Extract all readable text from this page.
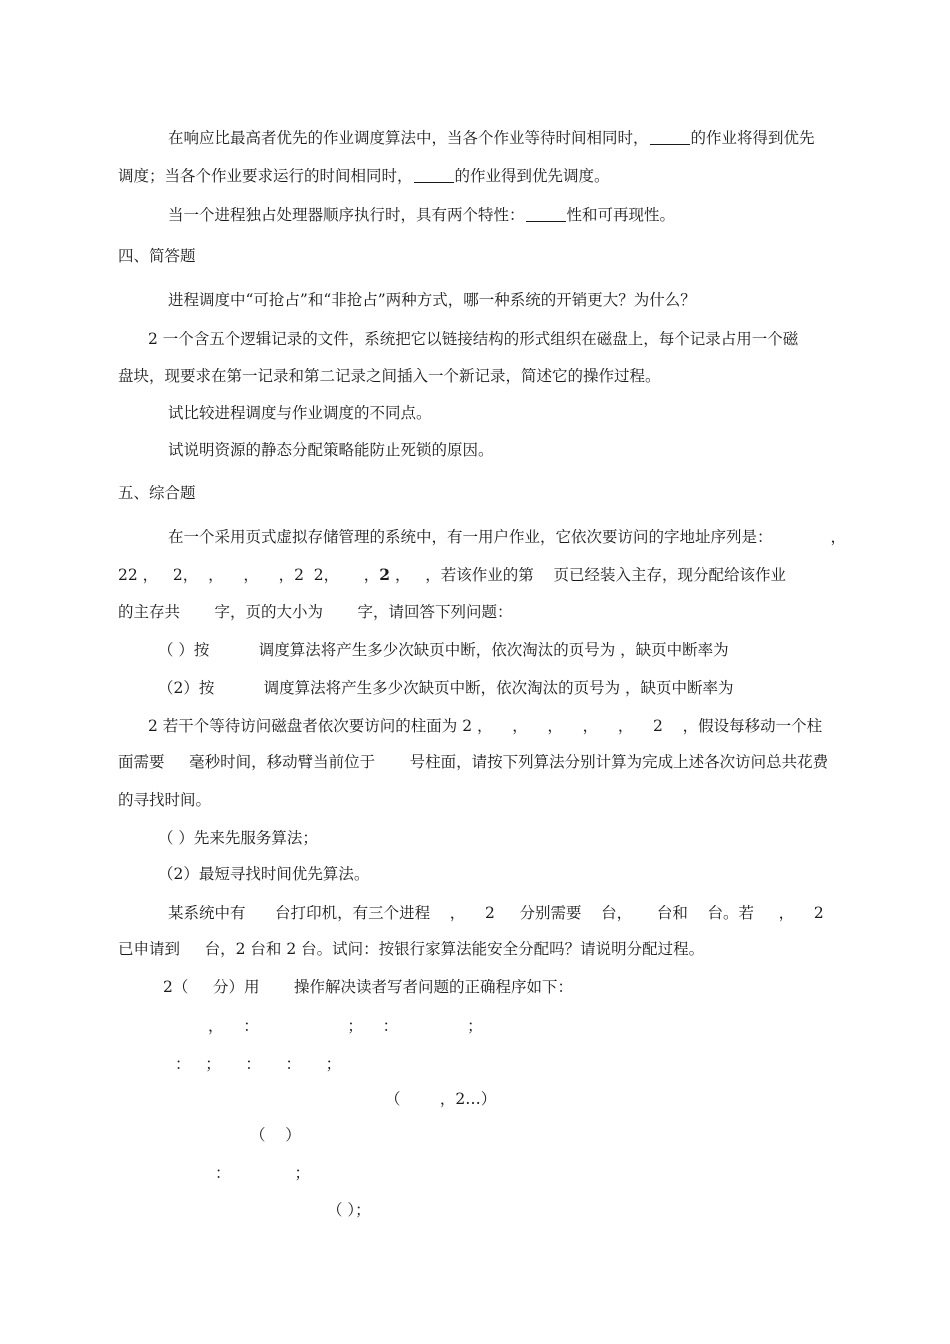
在响应比最高者优先的作业调度算法中，当各个作业等待时间相同时，	的作业将得到优先
调度；当各个作业要求运行的时间相同时，	的作业得到优先调度。
当一个进程独占处理器顺序执行时，具有两个特性：	性和可再现性。
四、简答题
进程调度中“可抢占”和“非抢占”两种方式，哪一种系统的开销更大？为什么？
2 一个含五个逻辑记录的文件，系统把它以链接结构的形式组织在磁盘上，每个记录占用一个磁
盘块，现要求在第一记录和第二记录之间插入一个新记录，简述它的操作过程。
试比较进程调度与作业调度的不同点。
试说明资源的静态分配策略能防止死锁的原因。
五、综合题
在一个采用页式虚拟存储管理的系统中，有一用户作业，它依次要访问的字地址序列是：	，
22 ，   2，  ，    ，    ，2  2，     ，2 ，   ，若该作业的第    页已经装入主存，现分配给该作业
的主存共       字，页的大小为       字，请回答下列问题：
（ ）按          调度算法将产生多少次缺页中断，依次淘汰的页号为 ，缺页中断率为
（2）按          调度算法将产生多少次缺页中断，依次淘汰的页号为 ，缺页中断率为
2 若干个等待访问磁盘者依次要访问的柱面为 2 ，    ，    ，    ，    ，    2    ，假设每移动一个柱
面需要     毫秒时间，移动臂当前位于       号柱面，请按下列算法分别计算为完成上述各次访问总共花费
的寻找时间。
（ ）先来先服务算法；
（2）最短寻找时间优先算法。
某系统中有      台打印机，有三个进程    ，    2     分别需要    台，     台和    台。若     ，    2
已申请到     台，2 台和 2 台。试问：按银行家算法能安全分配吗？请说明分配过程。
2（     分）用       操作解决读者写者问题的正确程序如下：
，    ：                  ；    ：              ；
：   ；     ：     ：     ；
（        ，2…）
（    ）
：             ；
（ ）；
